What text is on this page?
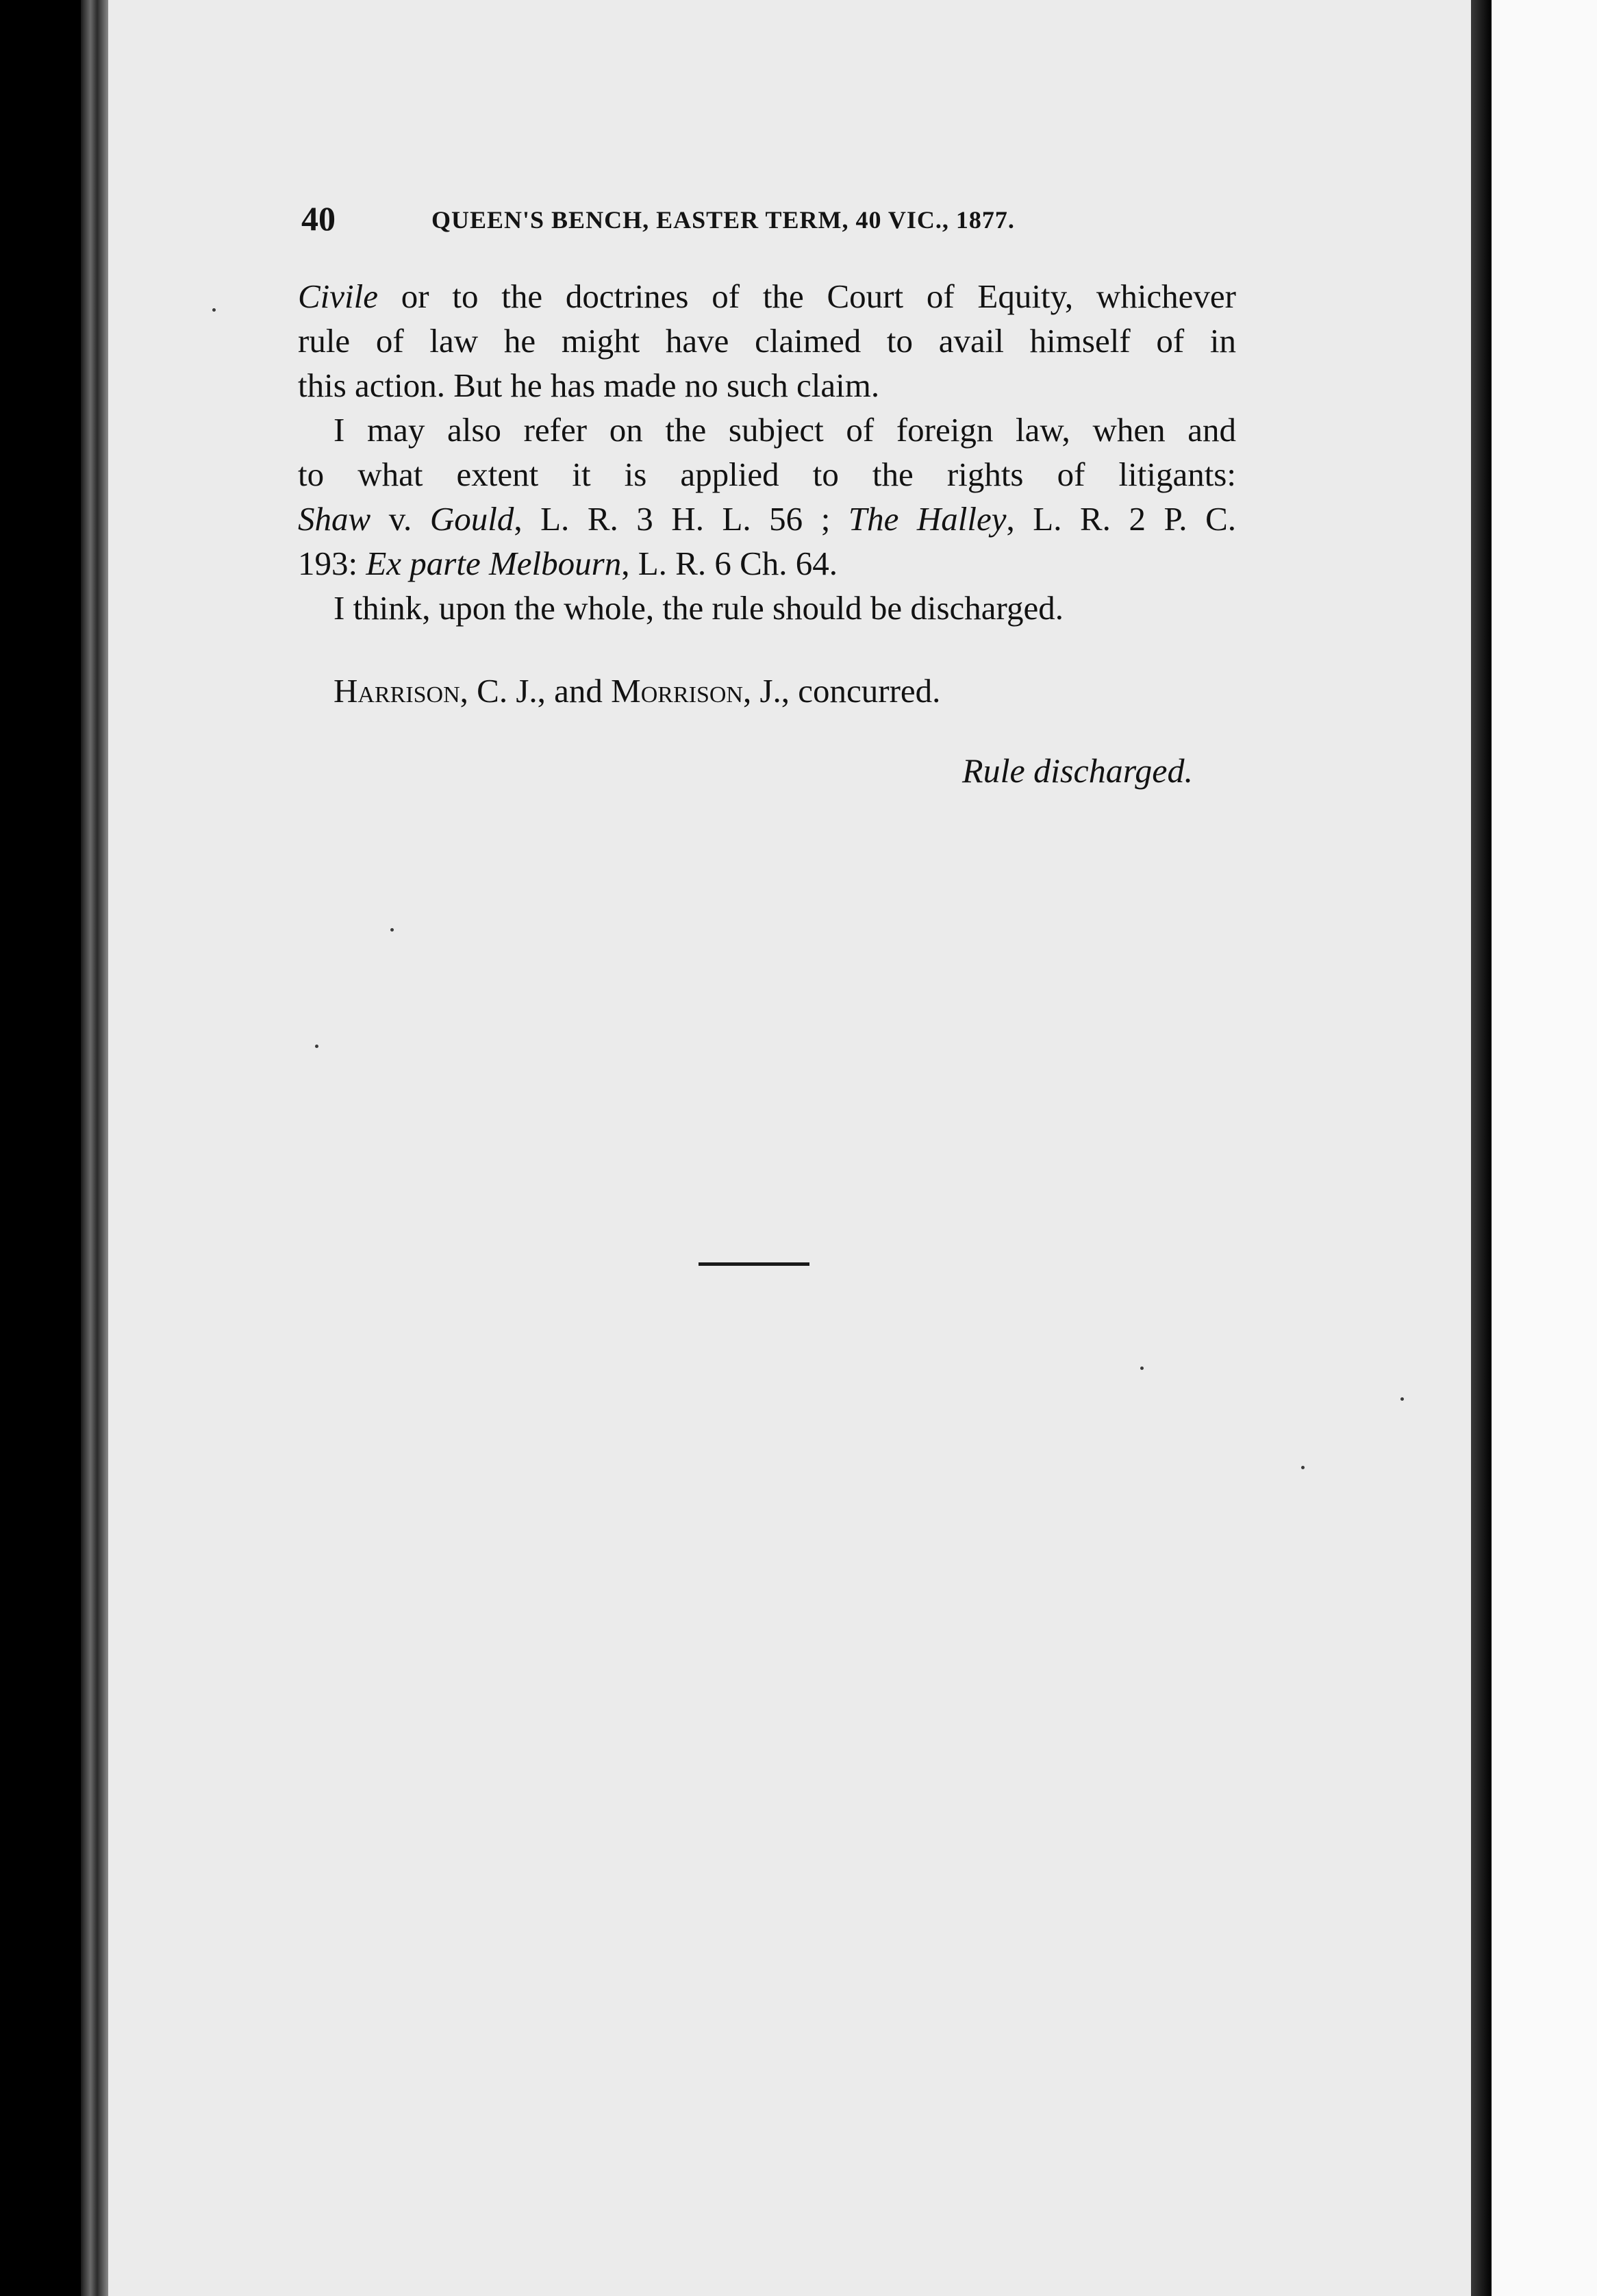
40	QUEEN'S BENCH, EASTER TERM, 40 VIC., 1877.
Civile or to the doctrines of the Court of Equity, whichever
rule of law he might have claimed to avail himself of in
this action. But he has made no such claim.
I may also refer on the subject of foreign law, when and
to what extent it is applied to the rights of litigants:
Shaw v. Gould, L. R. 3 H. L. 56 ; The Halley, L. R. 2 P. C.
193: Ex parte Melbourn, L. R. 6 Ch. 64.
I think, upon the whole, the rule should be discharged.
Harrison, C. J., and Morrison, J., concurred.
Rule discharged.
